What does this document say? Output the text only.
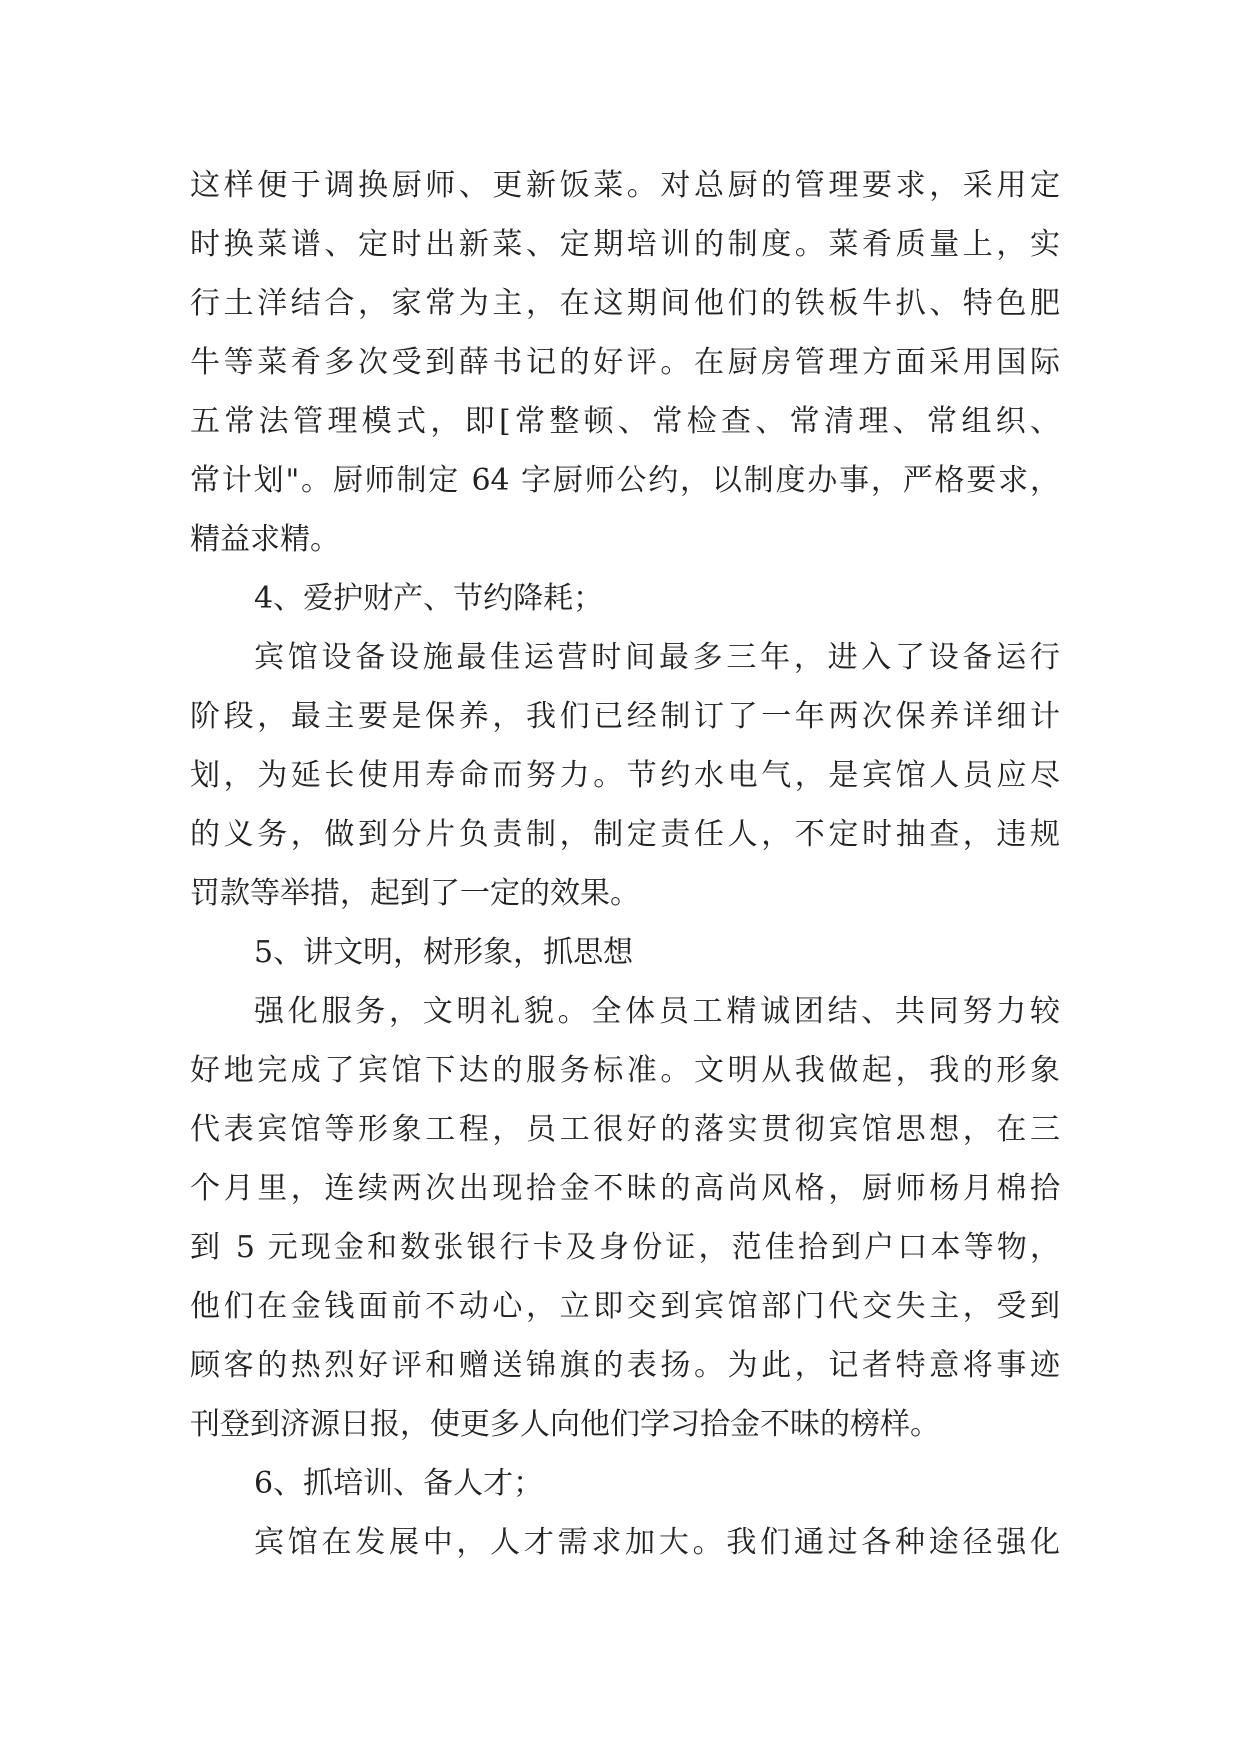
这样便于调换厨师、更新饭菜。对总厨的管理要求，采用定
时换菜谱、定时出新菜、定期培训的制度。菜肴质量上，实
行土洋结合，家常为主，在这期间他们的铁板牛扒、特色肥
牛等菜肴多次受到薛书记的好评。在厨房管理方面采用国际
五常法管理模式，即[常整顿、常检查、常清理、常组织、
常计划"。厨师制定 64 字厨师公约，以制度办事，严格要求，
精益求精。
4、爱护财产、节约降耗；
宾馆设备设施最佳运营时间最多三年，进入了设备运行
阶段，最主要是保养，我们已经制订了一年两次保养详细计
划，为延长使用寿命而努力。节约水电气，是宾馆人员应尽
的义务，做到分片负责制，制定责任人，不定时抽查，违规
罚款等举措，起到了一定的效果。
5、讲文明，树形象，抓思想
强化服务，文明礼貌。全体员工精诚团结、共同努力较
好地完成了宾馆下达的服务标准。文明从我做起，我的形象
代表宾馆等形象工程，员工很好的落实贯彻宾馆思想，在三
个月里，连续两次出现拾金不昧的高尚风格，厨师杨月棉拾
到 5 元现金和数张银行卡及身份证，范佳拾到户口本等物，
他们在金钱面前不动心，立即交到宾馆部门代交失主，受到
顾客的热烈好评和赠送锦旗的表扬。为此，记者特意将事迹
刊登到济源日报，使更多人向他们学习拾金不昧的榜样。
6、抓培训、备人才；
宾馆在发展中，人才需求加大。我们通过各种途径强化
